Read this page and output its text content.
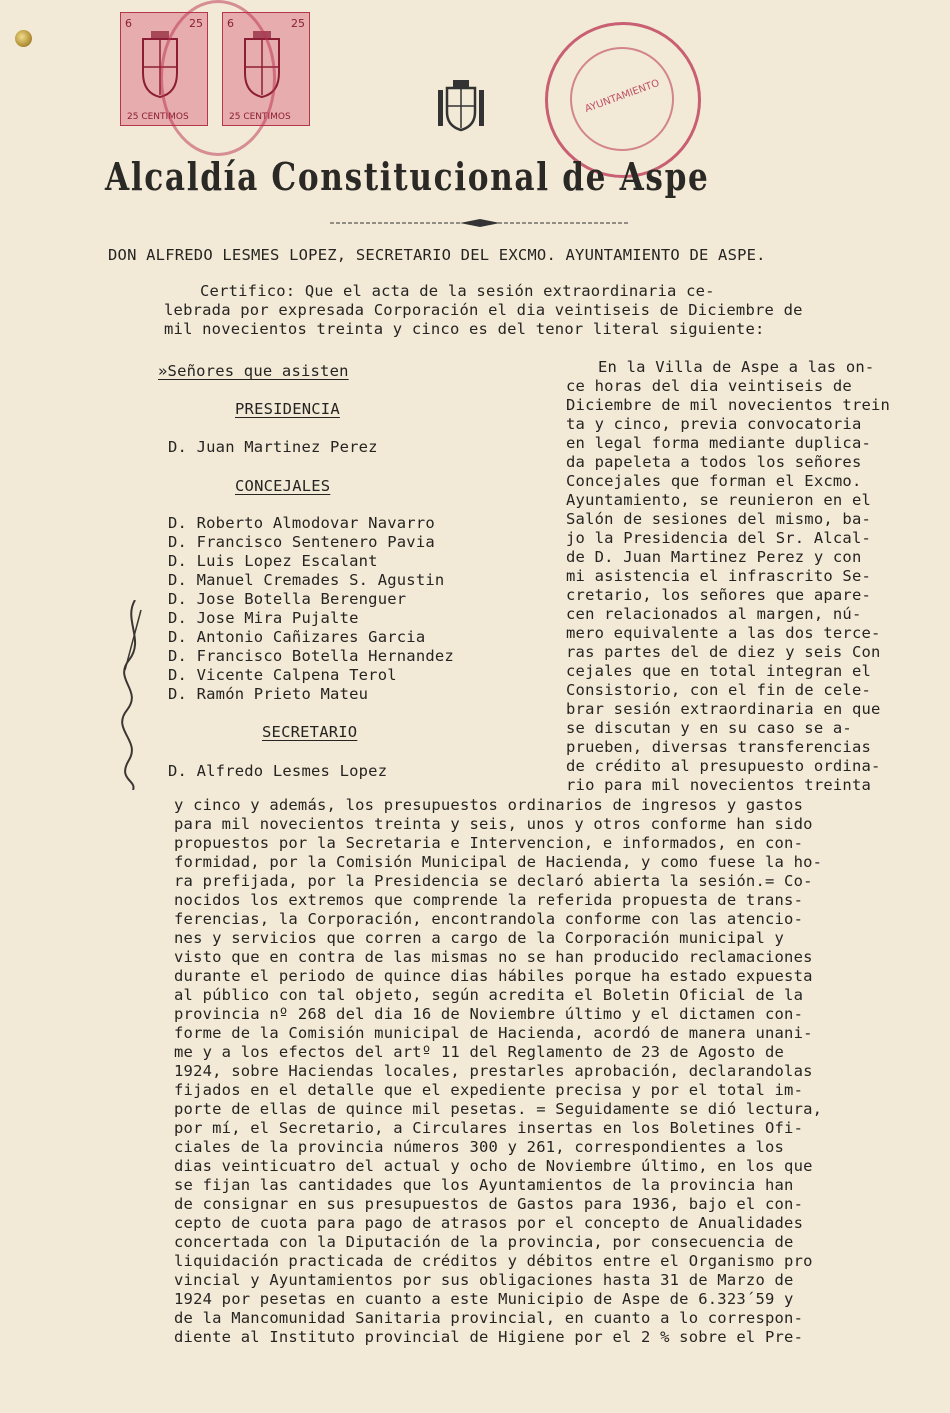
6	25
25 CENTIMOS
6	25
25 CENTIMOS
AYUNTAMIENTO
Alcaldía Constitucional de Aspe
DON ALFREDO LESMES LOPEZ, SECRETARIO DEL EXCMO. AYUNTAMIENTO DE ASPE.
Certifico: Que el acta de la sesión extraordinaria ce-
lebrada por expresada Corporación el dia veintiseis de Diciembre de
mil novecientos treinta y cinco es del tenor literal siguiente:
»Señores que asisten
PRESIDENCIA
D. Juan Martinez Perez
CONCEJALES
D. Roberto Almodovar Navarro
D. Francisco Sentenero Pavia
D. Luis Lopez Escalant
D. Manuel Cremades S. Agustin
D. Jose Botella Berenguer
D. Jose Mira Pujalte
D. Antonio Cañizares Garcia
D. Francisco Botella Hernandez
D. Vicente Calpena Terol
D. Ramón Prieto Mateu
SECRETARIO
D. Alfredo Lesmes Lopez
En la Villa de Aspe a las on-
ce horas del dia veintiseis de
Diciembre de mil novecientos trein
ta y cinco, previa convocatoria
en legal forma mediante duplica-
da papeleta a todos los señores
Concejales que forman el Excmo.
Ayuntamiento, se reunieron en el
Salón de sesiones del mismo, ba-
jo la Presidencia del Sr. Alcal-
de D. Juan Martinez Perez y con
mi asistencia el infrascrito Se-
cretario, los señores que apare-
cen relacionados al margen, nú-
mero equivalente a las dos terce-
ras partes del de diez y seis Con
cejales que en total integran el
Consistorio, con el fin de cele-
brar sesión extraordinaria en que
se discutan y en su caso se a-
prueben, diversas transferencias
de crédito al presupuesto ordina-
rio para mil novecientos treinta
y cinco y además, los presupuestos ordinarios de ingresos y gastos
para mil novecientos treinta y seis, unos y otros conforme han sido
propuestos por la Secretaria e Intervencion, e informados, en con-
formidad, por la Comisión Municipal de Hacienda, y como fuese la ho-
ra prefijada, por la Presidencia se declaró abierta la sesión.= Co-
nocidos los extremos que comprende la referida propuesta de trans-
ferencias, la Corporación, encontrandola conforme con las atencio-
nes y servicios que corren a cargo de la Corporación municipal y
visto que en contra de las mismas no se han producido reclamaciones
durante el periodo de quince dias hábiles porque ha estado expuesta
al público con tal objeto, según acredita el Boletin Oficial de la
provincia nº 268 del dia 16 de Noviembre último y el dictamen con-
forme de la Comisión municipal de Hacienda, acordó de manera unani-
me y a los efectos del artº 11 del Reglamento de 23 de Agosto de
1924, sobre Haciendas locales, prestarles aprobación, declarandolas
fijados en el detalle que el expediente precisa y por el total im-
porte de ellas de quince mil pesetas. = Seguidamente se dió lectura,
por mí, el Secretario, a Circulares insertas en los Boletines Ofi-
ciales de la provincia números 300 y 261, correspondientes a los
dias veinticuatro del actual y ocho de Noviembre último, en los que
se fijan las cantidades que los Ayuntamientos de la provincia han
de consignar en sus presupuestos de Gastos para 1936, bajo el con-
cepto de cuota para pago de atrasos por el concepto de Anualidades
concertada con la Diputación de la provincia, por consecuencia de
liquidación practicada de créditos y débitos entre el Organismo pro
vincial y Ayuntamientos por sus obligaciones hasta 31 de Marzo de
1924 por pesetas en cuanto a este Municipio de Aspe de 6.323´59 y
de la Mancomunidad Sanitaria provincial, en cuanto a lo correspon-
diente al Instituto provincial de Higiene por el 2 % sobre el Pre-
